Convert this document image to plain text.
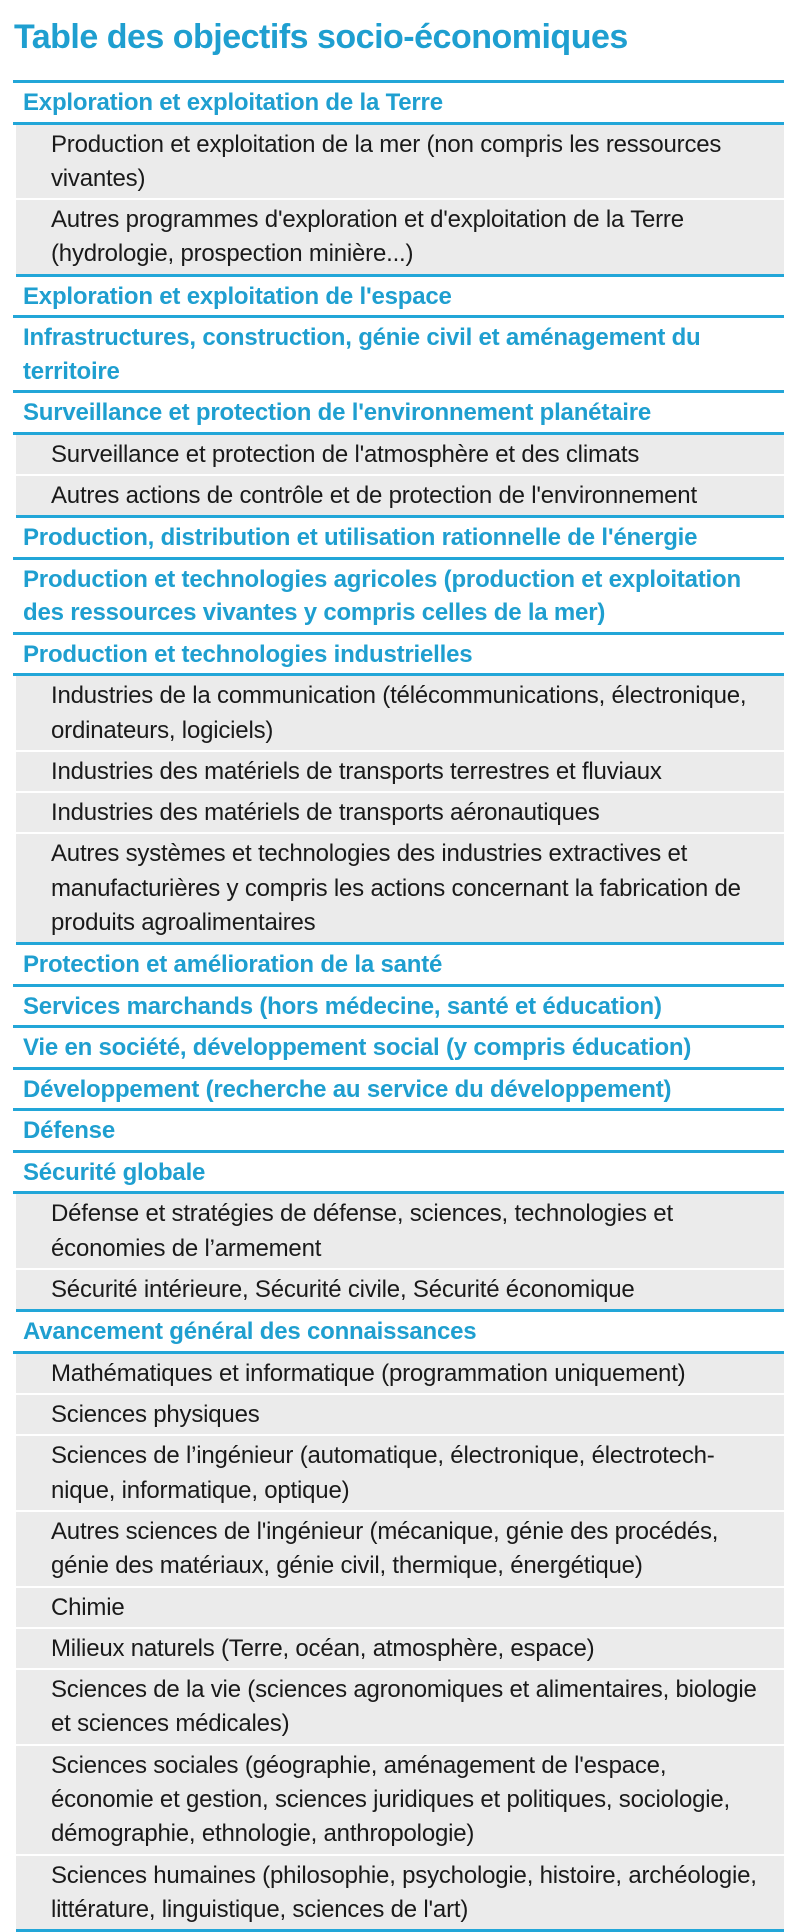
Table des objectifs socio-économiques
Exploration et exploitation de la Terre
Production et exploitation de la mer (non compris les ressources vivantes)
Autres programmes d'exploration et d'exploitation de la Terre (hydrologie, prospection minière...)
Exploration et exploitation de l'espace
Infrastructures, construction, génie civil et aménagement du territoire
Surveillance et protection de l'environnement planétaire
Surveillance et protection de l'atmosphère et des climats
Autres actions de contrôle et de protection de l'environnement
Production, distribution et utilisation rationnelle de l'énergie
Production et technologies agricoles (production et exploitation des ressources vivantes y compris celles de la mer)
Production et technologies industrielles
Industries de la communication (télécommunications, électronique, ordinateurs, logiciels)
Industries des matériels de transports terrestres et fluviaux
Industries des matériels de transports aéronautiques
Autres systèmes et technologies des industries extractives et manufacturières y compris les actions concernant la fabrication de produits agroalimentaires
Protection et amélioration de la santé
Services marchands (hors médecine, santé et éducation)
Vie en société, développement social (y compris éducation)
Développement (recherche au service du développement)
Défense
Sécurité globale
Défense et stratégies de défense, sciences, technologies et économies de l’armement
Sécurité intérieure, Sécurité civile, Sécurité économique
Avancement général des connaissances
Mathématiques et informatique (programmation uniquement)
Sciences physiques
Sciences de l’ingénieur (automatique, électronique, électrotech-nique, informatique, optique)
Autres sciences de l'ingénieur (mécanique, génie des procédés, génie des matériaux, génie civil, thermique, énergétique)
Chimie
Milieux naturels (Terre, océan, atmosphère, espace)
Sciences de la vie (sciences agronomiques et alimentaires, biologie et sciences médicales)
Sciences sociales (géographie, aménagement de l'espace, économie et gestion, sciences juridiques et politiques, sociologie, démographie, ethnologie, anthropologie)
Sciences humaines (philosophie, psychologie, histoire, archéologie, littérature, linguistique, sciences de l'art)
